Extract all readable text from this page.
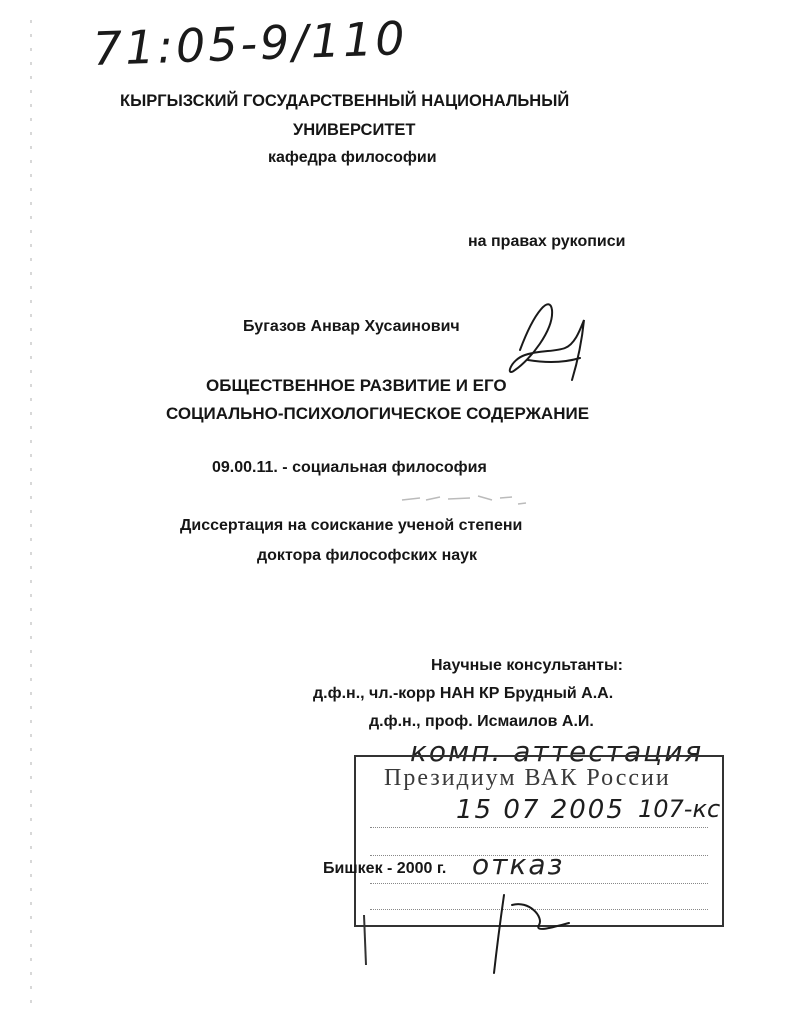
71:05-9/110
КЫРГЫЗСКИЙ ГОСУДАРСТВЕННЫЙ НАЦИОНАЛЬНЫЙ
УНИВЕРСИТЕТ
кафедра философии
на правах рукописи
Бугазов Анвар Хусаинович
ОБЩЕСТВЕННОЕ РАЗВИТИЕ И ЕГО
СОЦИАЛЬНО-ПСИХОЛОГИЧЕСКОЕ СОДЕРЖАНИЕ
09.00.11. - социальная философия
Диссертация на соискание ученой степени
доктора философских наук
Научные консультанты:
д.ф.н., чл.-корр НАН КР Брудный А.А.
д.ф.н., проф. Исмаилов А.И.
комп. аттестация
Президиум ВАК России
15 07 2005 107-кс
Бишкек - 2000 г. отказ
